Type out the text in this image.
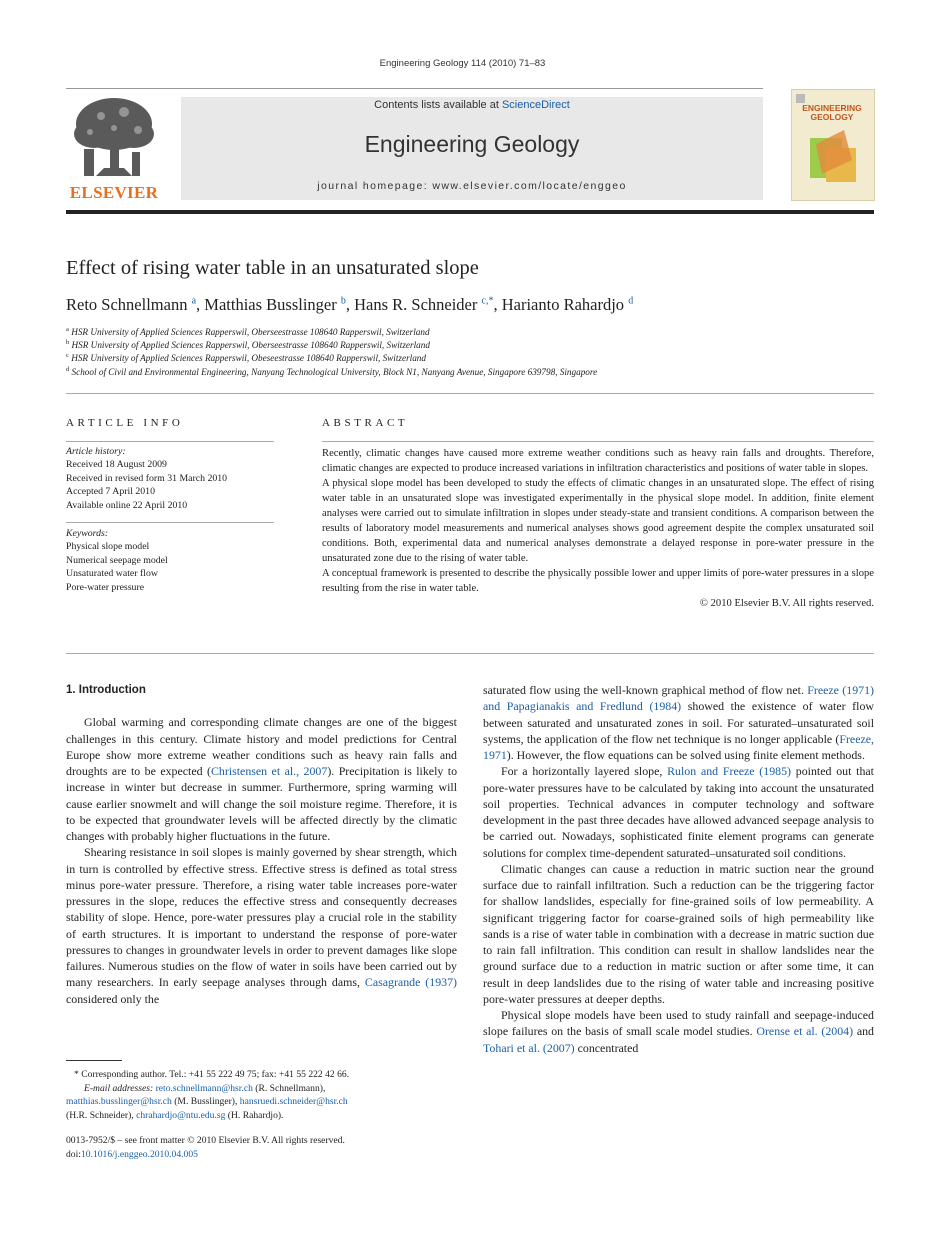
Engineering Geology 114 (2010) 71–83
ELSEVIER
Contents lists available at ScienceDirect
Engineering Geology
journal homepage: www.elsevier.com/locate/enggeo
ENGINEERING GEOLOGY
Effect of rising water table in an unsaturated slope
Reto Schnellmann $^a$, Matthias Busslinger $^b$, Hans R. Schneider $^{c,*}$, Harianto Rahardjo $^d$
$^a$ HSR University of Applied Sciences Rapperswil, Oberseestrasse 108640 Rapperswil, Switzerland
$^b$ HSR University of Applied Sciences Rapperswil, Oberseestrasse 108640 Rapperswil, Switzerland
$^c$ HSR University of Applied Sciences Rapperswil, Obeseestrasse 108640 Rapperswil, Switzerland
$^d$ School of Civil and Environmental Engineering, Nanyang Technological University, Block N1, Nanyang Avenue, Singapore 639798, Singapore
ARTICLE INFO
Article history:
Received 18 August 2009
Received in revised form 31 March 2010
Accepted 7 April 2010
Available online 22 April 2010
Keywords:
Physical slope model
Numerical seepage model
Unsaturated water flow
Pore-water pressure
ABSTRACT

Recently, climatic changes have caused more extreme weather conditions such as heavy rain falls and droughts. Therefore, climatic changes are expected to produce increased variations in infiltration characteristics and positions of water table in slopes.

A physical slope model has been developed to study the effects of climatic changes in an unsaturated slope. The effect of rising water table in an unsaturated slope was investigated experimentally in the physical slope model. In addition, finite element analyses were carried out to simulate infiltration in slopes under steady-state and transient conditions. A comparison between the results of laboratory model measurements and numerical analyses shows good agreement despite the complex unsaturated soil conditions. Both, experimental data and numerical analyses demonstrate a delayed response in pore-water pressure in the unsaturated zone due to the rising of water table.

A conceptual framework is presented to describe the physically possible lower and upper limits of pore-water pressures in a slope resulting from the rise in water table.

© 2010 Elsevier B.V. All rights reserved.

1. Introduction

Global warming and corresponding climate changes are one of the biggest challenges in this century. Climate history and model predictions for Central Europe show more extreme weather conditions such as heavy rain falls and droughts are to be expected (Christensen et al., 2007). Precipitation is likely to increase in winter but decrease in summer. Furthermore, spring warming will cause earlier snowmelt and will change the soil moisture regime. Therefore, it is to be expected that groundwater levels will be affected directly by the climatic changes with probably higher fluctuations in the future.

Shearing resistance in soil slopes is mainly governed by shear strength, which in turn is controlled by effective stress. Effective stress is defined as total stress minus pore-water pressure. Therefore, a rising water table increases pore-water pressures in the slope, reduces the effective stress and consequently decreases stability of slope. Hence, pore-water pressures play a crucial role in the stability of earth structures. It is important to understand the response of pore-water pressures to changes in groundwater levels in order to prevent damages like slope failures. Numerous studies on the flow of water in soils have been carried out by many researchers. In early seepage analyses through dams, Casagrande (1937) considered only the

saturated flow using the well-known graphical method of flow net. Freeze (1971) and Papagianakis and Fredlund (1984) showed the existence of water flow between saturated and unsaturated zones in soil. For saturated–unsaturated soil systems, the application of the flow net technique is no longer applicable (Freeze, 1971). However, the flow equations can be solved using finite element methods.

For a horizontally layered slope, Rulon and Freeze (1985) pointed out that pore-water pressures have to be calculated by taking into account the unsaturated soil properties. Technical advances in computer technology and software development in the past three decades have allowed advanced seepage analysis to be carried out. Nowadays, sophisticated finite element programs can generate solutions for complex time-dependent saturated–unsaturated soil conditions.

Climatic changes can cause a reduction in matric suction near the ground surface due to rainfall infiltration. Such a reduction can be the triggering factor for shallow landslides, especially for fine-grained soils of low permeability. A significant triggering factor for coarse-grained soils of high permeability like sands is a rise of water table in combination with a decrease in matric suction due to rain fall infiltration. This condition can result in shallow landslides near the ground surface due to a reduction in matric suction or after some time, it can result in deep landslides due to the rising of water table and increasing positive pore-water pressures at deeper depths.

Physical slope models have been used to study rainfall and seepage-induced slope failures on the basis of small scale model studies. Orense et al. (2004) and Tohari et al. (2007) concentrated

* Corresponding author. Tel.: +41 55 222 49 75; fax: +41 55 222 42 66.
E-mail addresses: reto.schnellmann@hsr.ch (R. Schnellmann),
matthias.busslinger@hsr.ch (M. Busslinger), hansruedi.schneider@hsr.ch
(H.R. Schneider), chrahardjo@ntu.edu.sg (H. Rahardjo).
0013-7952/$ – see front matter © 2010 Elsevier B.V. All rights reserved.
doi:10.1016/j.enggeo.2010.04.005
